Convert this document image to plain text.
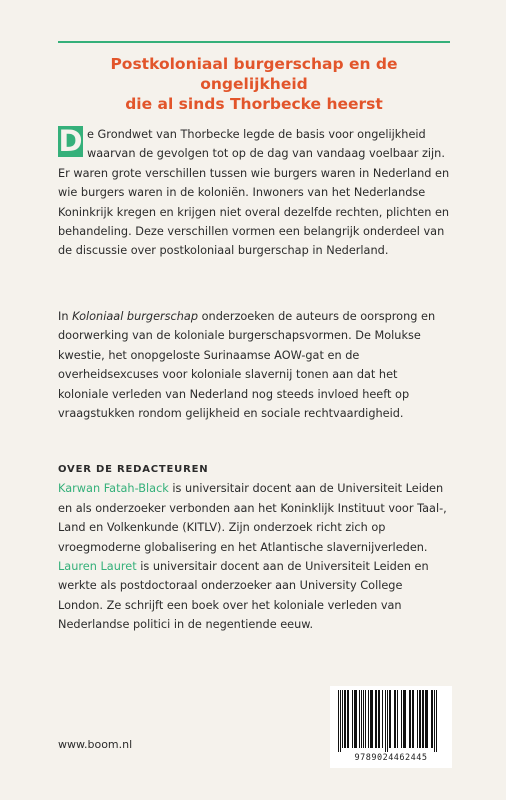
Postkoloniaal burgerschap en de ongelijkheid
die al sinds Thorbecke heerst
D e Grondwet van Thorbecke legde de basis voor ongelijkheid waarvan de gevolgen tot op de dag van vandaag voelbaar zijn. Er waren grote verschillen tussen wie burgers waren in Nederland en wie burgers waren in de koloniën. Inwoners van het Nederlandse Koninkrijk kregen en krijgen niet overal dezelfde rechten, plichten en behandeling. Deze verschillen vormen een belangrijk onderdeel van de discussie over postkoloniaal burgerschap in Nederland.
In Koloniaal burgerschap onderzoeken de auteurs de oorsprong en doorwerking van de koloniale burgerschapsvormen. De Molukse kwestie, het onopgeloste Surinaamse AOW-gat en de overheidsexcuses voor koloniale slavernij tonen aan dat het koloniale verleden van Nederland nog steeds invloed heeft op vraagstukken rondom gelijkheid en sociale rechtvaardigheid.
OVER DE REDACTEUREN
Karwan Fatah-Black is universitair docent aan de Universiteit Leiden en als onderzoeker verbonden aan het Koninklijk Instituut voor Taal-, Land en Volkenkunde (KITLV). Zijn onderzoek richt zich op vroegmoderne globalisering en het Atlantische slavernijverleden. Lauren Lauret is universitair docent aan de Universiteit Leiden en werkte als postdoctoraal onderzoeker aan University College London. Ze schrijft een boek over het koloniale verleden van Nederlandse politici in de negentiende eeuw.
www.boom.nl
9789024462445
